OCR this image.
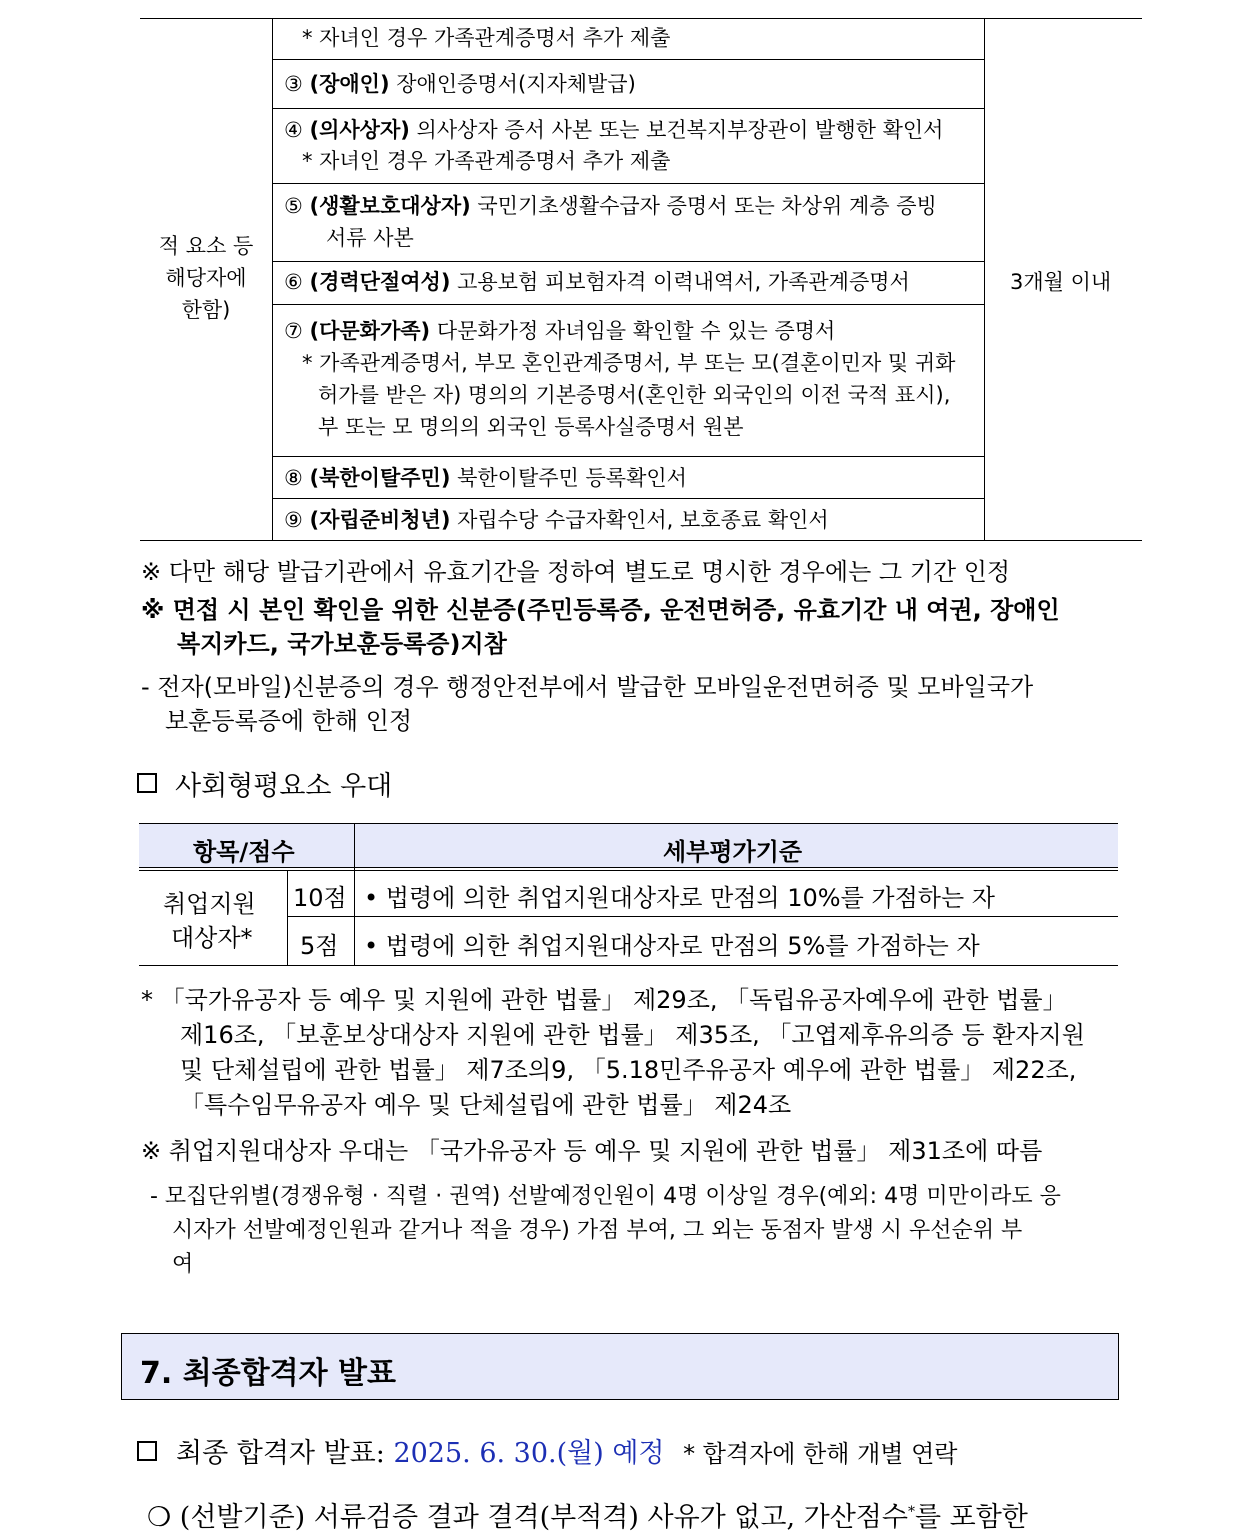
적 요소 등
해당자에
한함)
3개월 이내
* 자녀인 경우 가족관계증명서 추가 제출
③ (장애인) 장애인증명서(지자체발급)
④ (의사상자) 의사상자 증서 사본 또는 보건복지부장관이 발행한 확인서
* 자녀인 경우 가족관계증명서 추가 제출
⑤ (생활보호대상자) 국민기초생활수급자 증명서 또는 차상위 계층 증빙
서류 사본
⑥ (경력단절여성) 고용보험 피보험자격 이력내역서, 가족관계증명서
⑦ (다문화가족) 다문화가정 자녀임을 확인할 수 있는 증명서
* 가족관계증명서, 부모 혼인관계증명서, 부 또는 모(결혼이민자 및 귀화
허가를 받은 자) 명의의 기본증명서(혼인한 외국인의 이전 국적 표시),
부 또는 모 명의의 외국인 등록사실증명서 원본
⑧ (북한이탈주민) 북한이탈주민 등록확인서
⑨ (자립준비청년) 자립수당 수급자확인서, 보호종료 확인서
※ 다만 해당 발급기관에서 유효기간을 정하여 별도로 명시한 경우에는 그 기간 인정
※ 면접 시 본인 확인을 위한 신분증(주민등록증, 운전면허증, 유효기간 내 여권, 장애인
복지카드, 국가보훈등록증)지참
- 전자(모바일)신분증의 경우 행정안전부에서 발급한 모바일운전면허증 및 모바일국가
보훈등록증에 한해 인정
사회형평요소 우대
항목/점수	세부평가기준
취업지원
대상자*
10점 • 법령에 의한 취업지원대상자로 만점의 10%를 가점하는 자
5점 • 법령에 의한 취업지원대상자로 만점의 5%를 가점하는 자
* 「국가유공자 등 예우 및 지원에 관한 법률」 제29조, 「독립유공자예우에 관한 법률」
제16조, 「보훈보상대상자 지원에 관한 법률」 제35조, 「고엽제후유의증 등 환자지원
및 단체설립에 관한 법률」 제7조의9, 「5.18민주유공자 예우에 관한 법률」 제22조,
「특수임무유공자 예우 및 단체설립에 관한 법률」 제24조
※ 취업지원대상자 우대는 「국가유공자 등 예우 및 지원에 관한 법률」 제31조에 따름
- 모집단위별(경쟁유형 · 직렬 · 권역) 선발예정인원이 4명 이상일 경우(예외: 4명 미만이라도 응
시자가 선발예정인원과 같거나 적을 경우) 가점 부여, 그 외는 동점자 발생 시 우선순위 부
여
7. 최종합격자 발표
최종 합격자 발표: 2025. 6. 30.(월) 예정 * 합격자에 한해 개별 연락
❍ (선발기준) 서류검증 결과 결격(부적격) 사유가 없고, 가산점수*를 포함한
